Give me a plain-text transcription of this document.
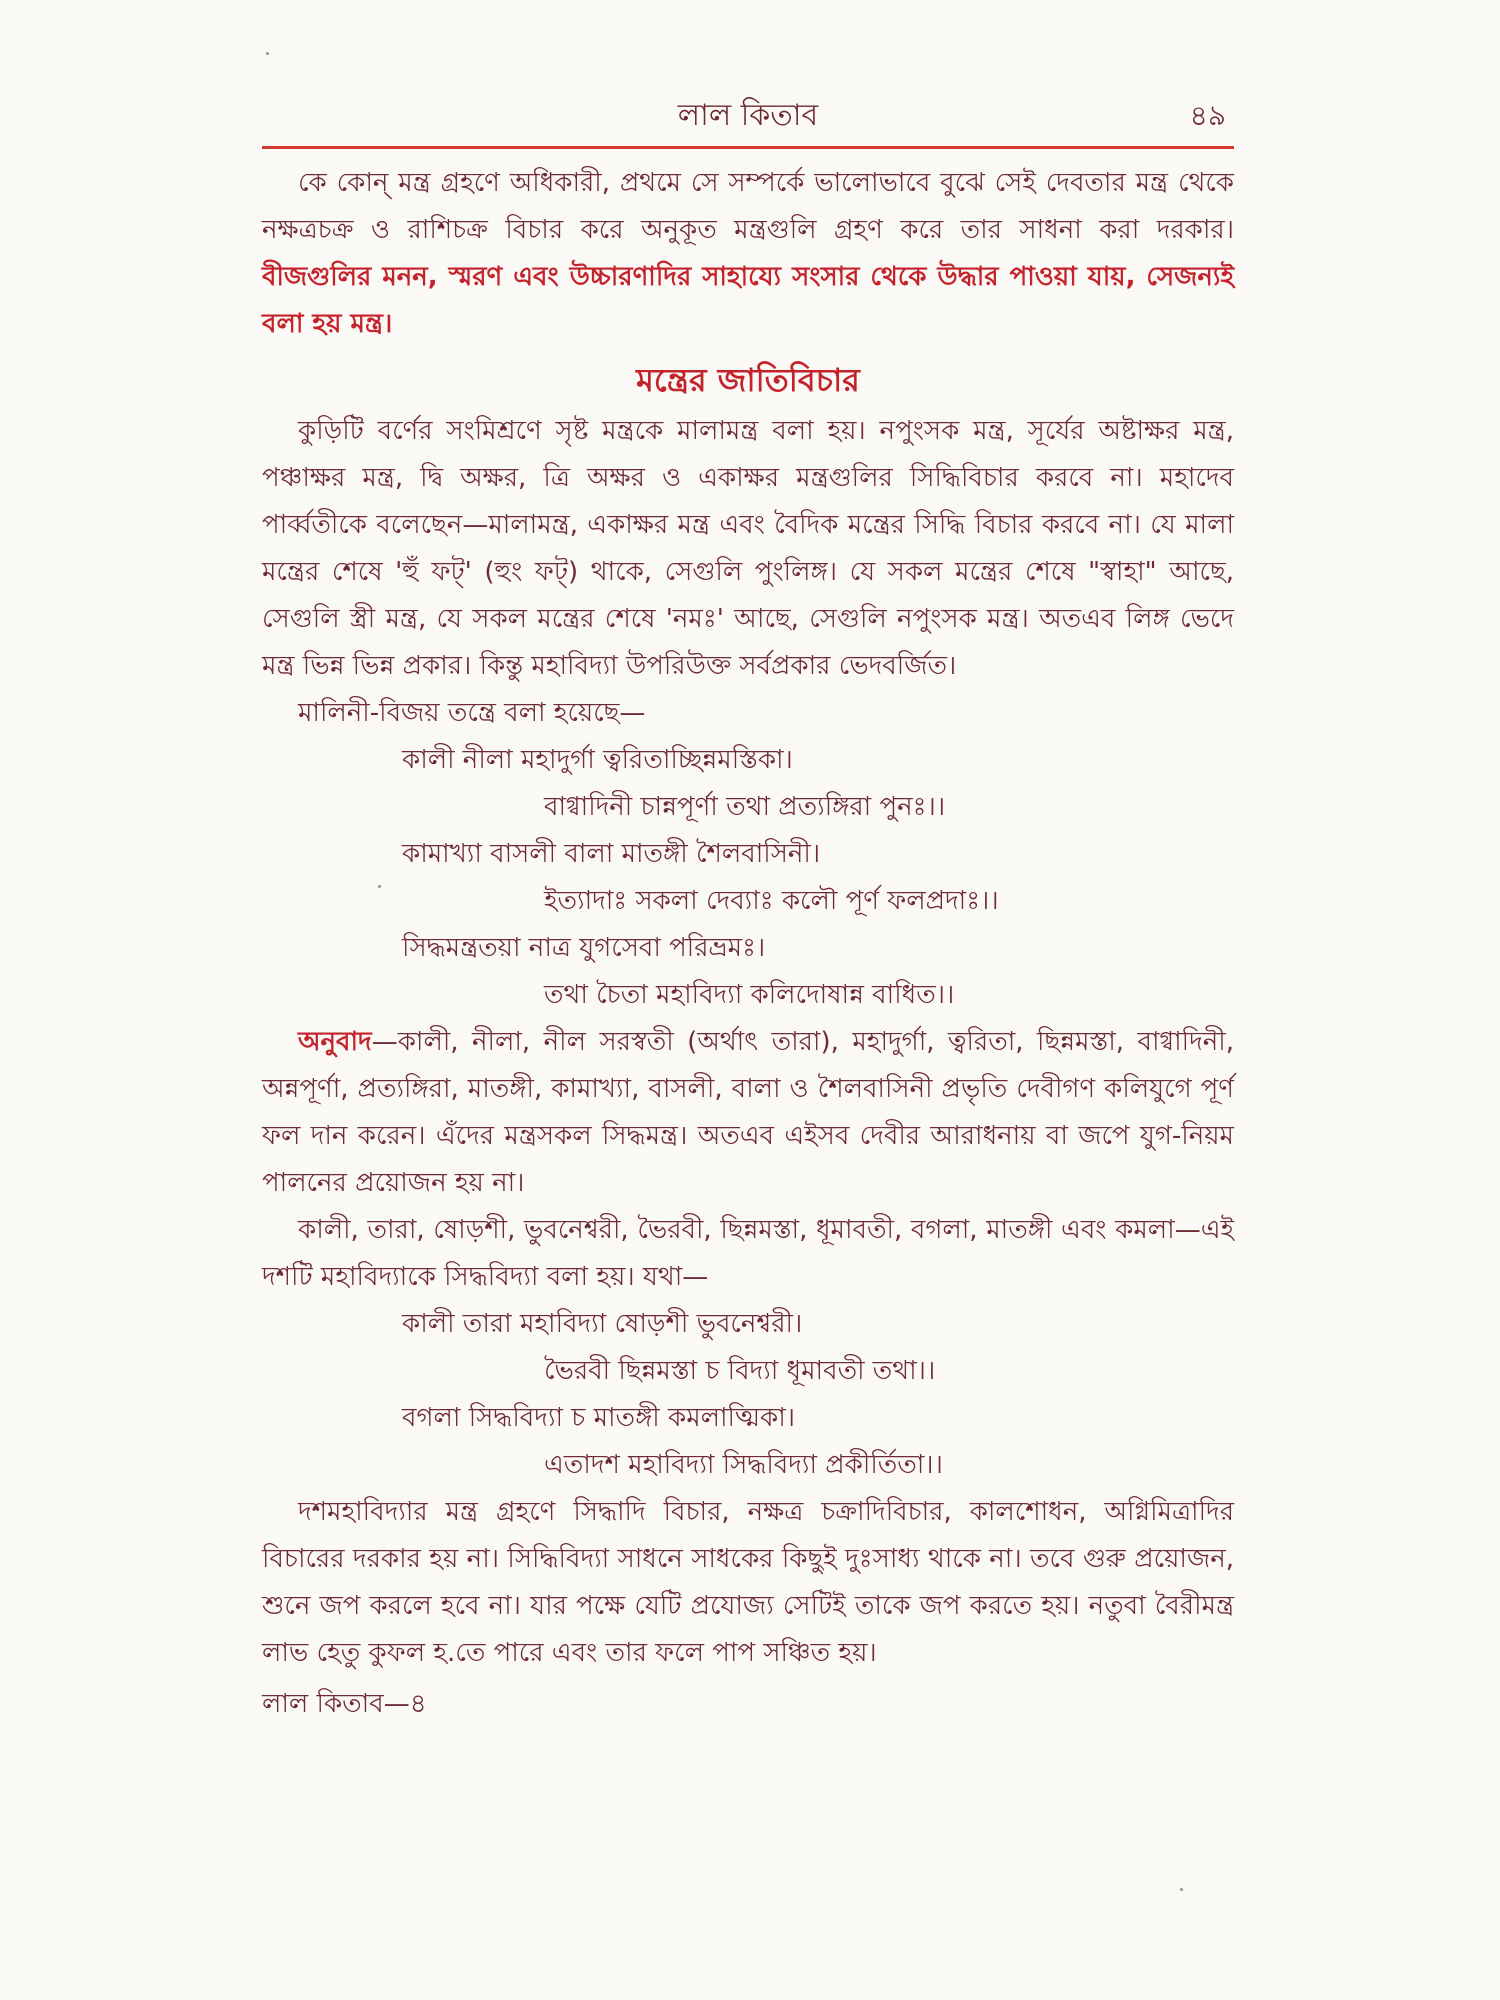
লাল কিতাব	৪৯

কে কোন্ মন্ত্র গ্রহণে অধিকারী, প্রথমে সে সম্পর্কে ভালোভাবে বুঝে সেই দেবতার মন্ত্র থেকে নক্ষত্রচক্র ও রাশিচক্র বিচার করে অনুকূত মন্ত্রগুলি গ্রহণ করে তার সাধনা করা দরকার। বীজগুলির মনন, স্মরণ এবং উচ্চারণাদির সাহায্যে সংসার থেকে উদ্ধার পাওয়া যায়, সেজন্যই বলা হয় মন্ত্র।

মন্ত্রের জাতিবিচার

কুড়িটি বর্ণের সংমিশ্রণে সৃষ্ট মন্ত্রকে মালামন্ত্র বলা হয়। নপুংসক মন্ত্র, সূর্যের অষ্টাক্ষর মন্ত্র, পঞ্চাক্ষর মন্ত্র, দ্বি অক্ষর, ত্রি অক্ষর ও একাক্ষর মন্ত্রগুলির সিদ্ধিবিচার করবে না। মহাদেব পার্ব্বতীকে বলেছেন—মালামন্ত্র, একাক্ষর মন্ত্র এবং বৈদিক মন্ত্রের সিদ্ধি বিচার করবে না। যে মালা মন্ত্রের শেষে 'হুঁ ফট্' (হুং ফট্) থাকে, সেগুলি পুংলিঙ্গ। যে সকল মন্ত্রের শেষে "স্বাহা" আছে, সেগুলি স্ত্রী মন্ত্র, যে সকল মন্ত্রের শেষে 'নমঃ' আছে, সেগুলি নপুংসক মন্ত্র। অতএব লিঙ্গ ভেদে মন্ত্র ভিন্ন ভিন্ন প্রকার। কিন্তু মহাবিদ্যা উপরিউক্ত সর্বপ্রকার ভেদবর্জিত।

মালিনী-বিজয় তন্ত্রে বলা হয়েছে—

কালী নীলা মহাদুর্গা ত্বরিতাচ্ছিন্নমস্তিকা।

বাগ্বাদিনী চান্নপূর্ণা তথা প্রত্যঙ্গিরা পুনঃ।।

কামাখ্যা বাসলী বালা মাতঙ্গী শৈলবাসিনী।

ইত্যাদাঃ সকলা দেব্যাঃ কলৌ পূর্ণ ফলপ্রদাঃ।।

সিদ্ধমন্ত্রতয়া নাত্র যুগসেবা পরিভ্রমঃ।

তথা চৈতা মহাবিদ্যা কলিদোষান্ন বাধিত।।

অনুবাদ—কালী, নীলা, নীল সরস্বতী (অর্থাৎ তারা), মহাদুর্গা, ত্বরিতা, ছিন্নমস্তা, বাগ্বাদিনী, অন্নপূর্ণা, প্রত্যঙ্গিরা, মাতঙ্গী, কামাখ্যা, বাসলী, বালা ও শৈলবাসিনী প্রভৃতি দেবীগণ কলিযুগে পূর্ণ ফল দান করেন। এঁদের মন্ত্রসকল সিদ্ধমন্ত্র। অতএব এইসব দেবীর আরাধনায় বা জপে যুগ-নিয়ম পালনের প্রয়োজন হয় না।

কালী, তারা, ষোড়শী, ভুবনেশ্বরী, ভৈরবী, ছিন্নমস্তা, ধূমাবতী, বগলা, মাতঙ্গী এবং কমলা—এই দশটি মহাবিদ্যাকে সিদ্ধবিদ্যা বলা হয়। যথা—

কালী তারা মহাবিদ্যা ষোড়শী ভুবনেশ্বরী।

ভৈরবী ছিন্নমস্তা চ বিদ্যা ধূমাবতী তথা।।

বগলা সিদ্ধবিদ্যা চ মাতঙ্গী কমলাত্মিকা।

এতাদশ মহাবিদ্যা সিদ্ধবিদ্যা প্রকীর্তিতা।।

দশমহাবিদ্যার মন্ত্র গ্রহণে সিদ্ধাদি বিচার, নক্ষত্র চক্রাদিবিচার, কালশোধন, অগ্নিমিত্রাদির বিচারের দরকার হয় না। সিদ্ধিবিদ্যা সাধনে সাধকের কিছুই দুঃসাধ্য থাকে না। তবে গুরু প্রয়োজন, শুনে জপ করলে হবে না। যার পক্ষে যেটি প্রযোজ্য সেটিই তাকে জপ করতে হয়। নতুবা বৈরীমন্ত্র লাভ হেতু কুফল হ.তে পারে এবং তার ফলে পাপ সঞ্চিত হয়।

লাল কিতাব—৪
